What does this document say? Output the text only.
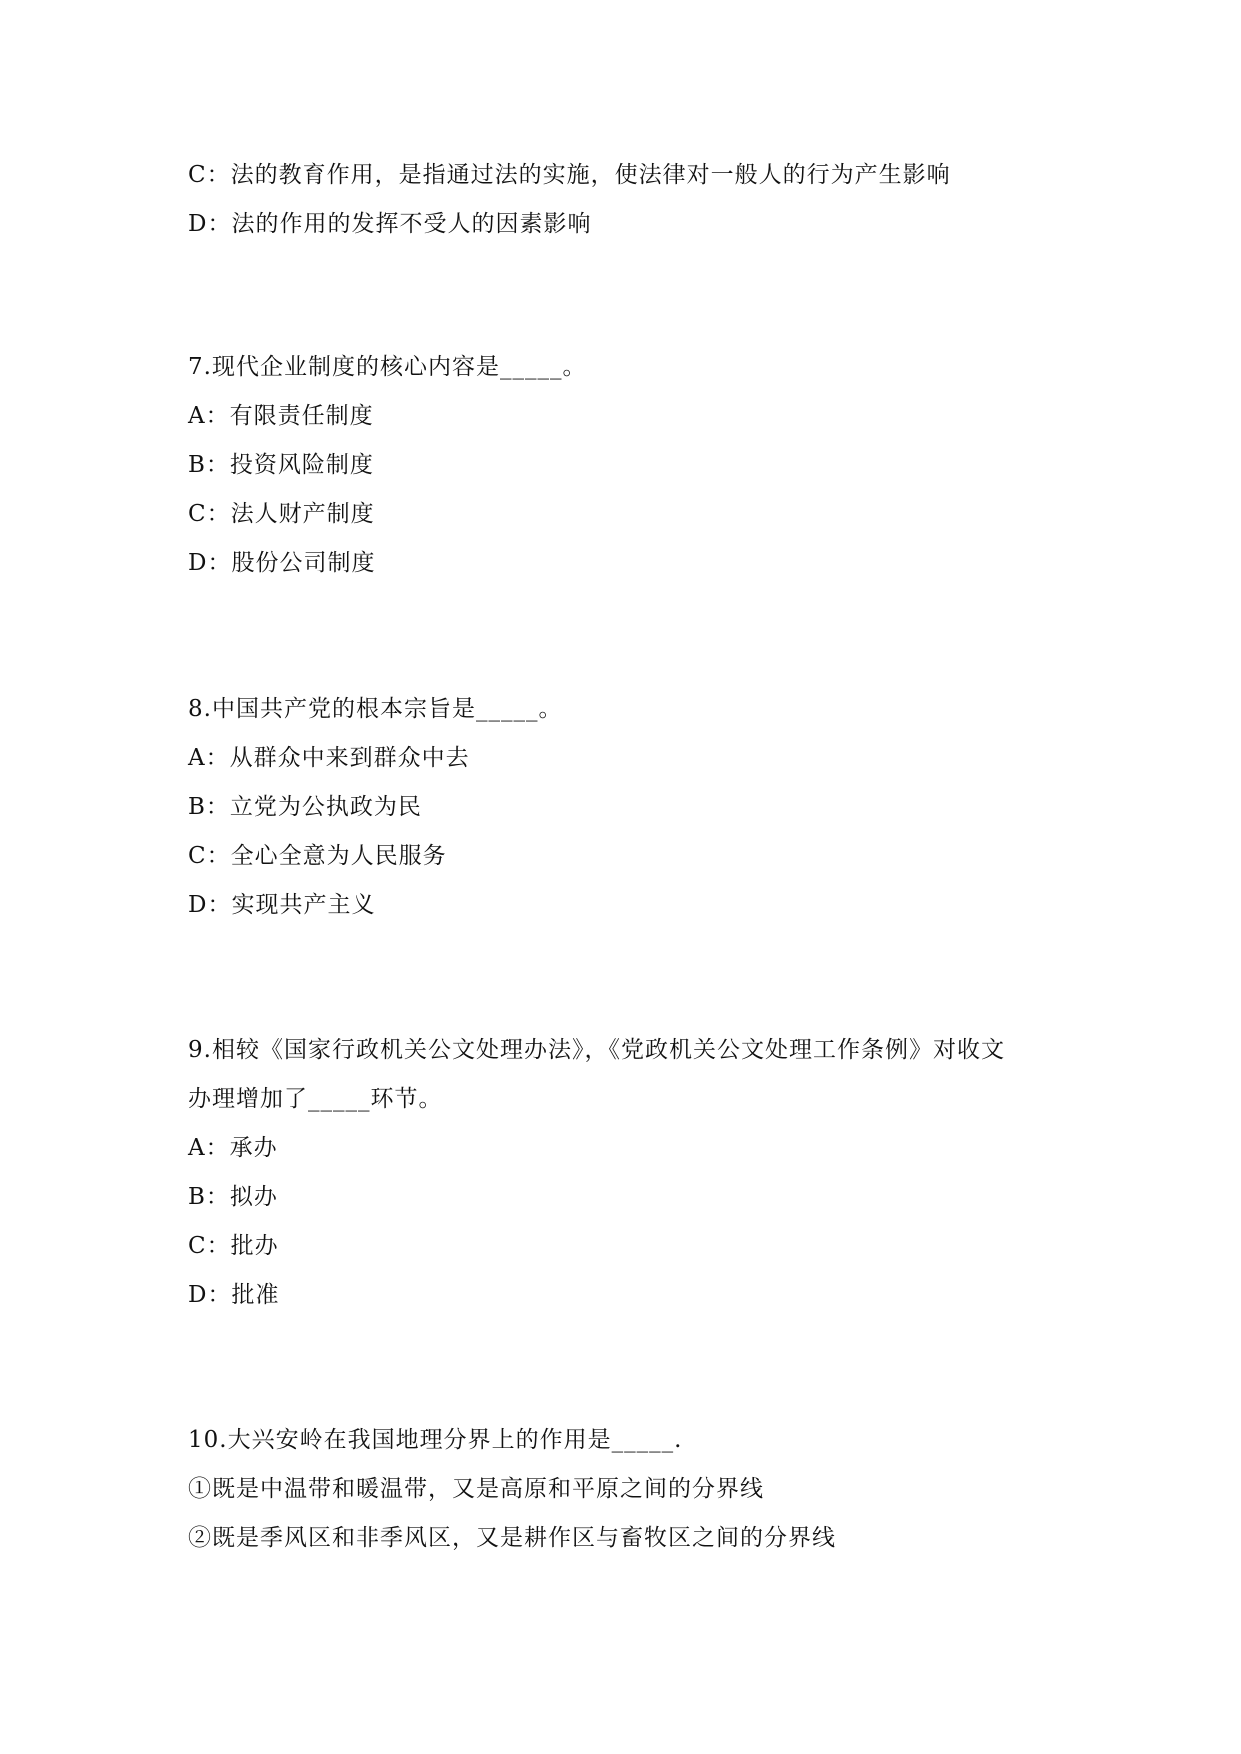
C：法的教育作用，是指通过法的实施，使法律对一般人的行为产生影响
D：法的作用的发挥不受人的因素影响
7.现代企业制度的核心内容是_____。
A：有限责任制度
B：投资风险制度
C：法人财产制度
D：股份公司制度
8.中国共产党的根本宗旨是_____。
A：从群众中来到群众中去
B：立党为公执政为民
C：全心全意为人民服务
D：实现共产主义
9.相较《国家行政机关公文处理办法》，《党政机关公文处理工作条例》对收文
办理增加了_____环节。
A：承办
B：拟办
C：批办
D：批准
10.大兴安岭在我国地理分界上的作用是_____.
①既是中温带和暖温带，又是高原和平原之间的分界线
②既是季风区和非季风区，又是耕作区与畜牧区之间的分界线
